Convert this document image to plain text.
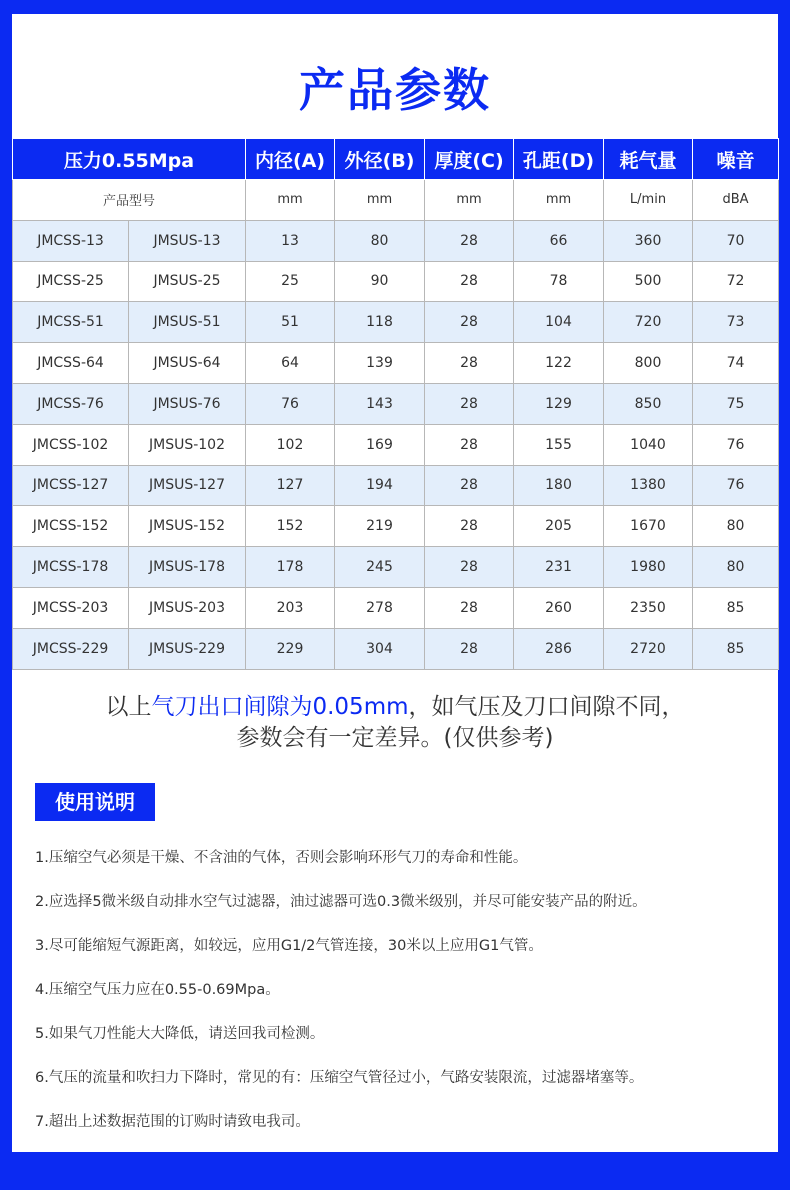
产品参数
压力0.55Mpa		内径(A)	外径(B)	厚度(C)	孔距(D)	耗气量	噪音
产品型号		mm	mm	mm	mm	L/min	dBA
JMCSS-13	JMSUS-13	13	80	28	66	360	70
JMCSS-25	JMSUS-25	25	90	28	78	500	72
JMCSS-51	JMSUS-51	51	118	28	104	720	73
JMCSS-64	JMSUS-64	64	139	28	122	800	74
JMCSS-76	JMSUS-76	76	143	28	129	850	75
JMCSS-102	JMSUS-102	102	169	28	155	1040	76
JMCSS-127	JMSUS-127	127	194	28	180	1380	76
JMCSS-152	JMSUS-152	152	219	28	205	1670	80
JMCSS-178	JMSUS-178	178	245	28	231	1980	80
JMCSS-203	JMSUS-203	203	278	28	260	2350	85
JMCSS-229	JMSUS-229	229	304	28	286	2720	85
以上气刀出口间隙为0.05mm，如气压及刀口间隙不同，
参数会有一定差异。(仅供参考)
使用说明
1.压缩空气必须是干燥、不含油的气体，否则会影响环形气刀的寿命和性能。
2.应选择5微米级自动排水空气过滤器，油过滤器可选0.3微米级别，并尽可能安装产品的附近。
3.尽可能缩短气源距离，如较远，应用G1/2气管连接，30米以上应用G1气管。
4.压缩空气压力应在0.55-0.69Mpa。
5.如果气刀性能大大降低，请送回我司检测。
6.气压的流量和吹扫力下降时，常见的有：压缩空气管径过小，气路安装限流，过滤器堵塞等。
7.超出上述数据范围的订购时请致电我司。
